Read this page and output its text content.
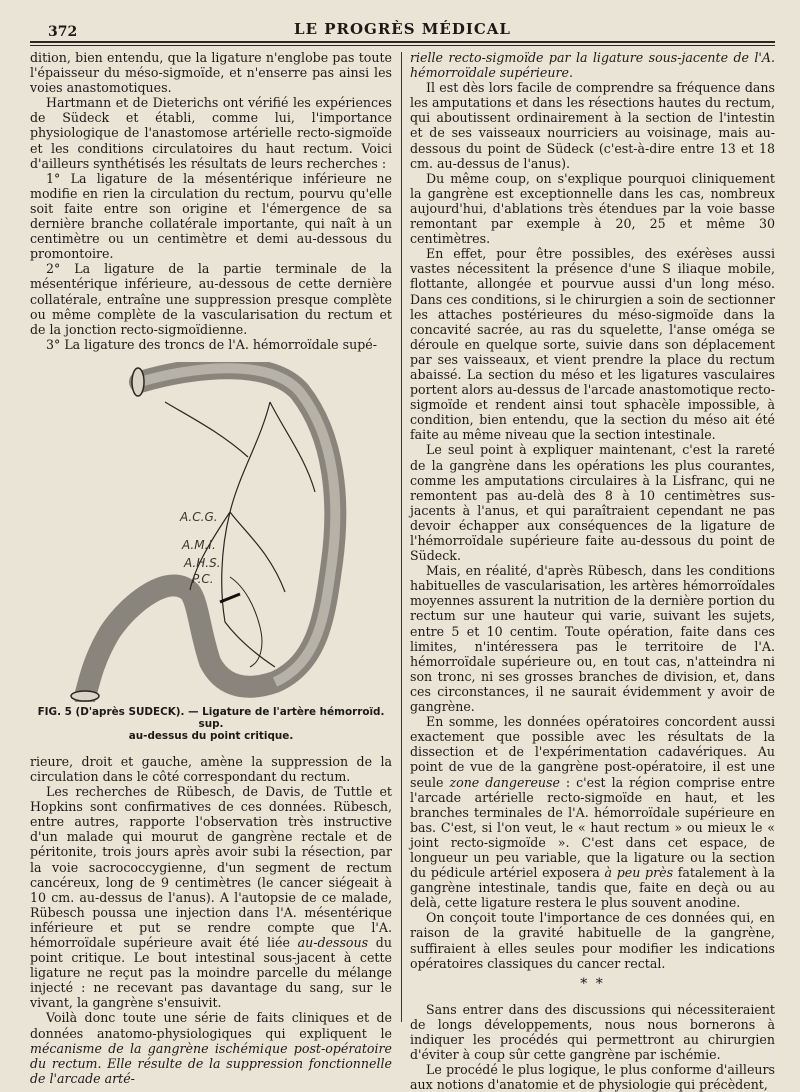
372	LE PROGRÈS MÉDICAL

dition, bien entendu, que la ligature n'englobe pas toute l'épaisseur du méso-sigmoïde, et n'enserre pas ainsi les voies anastomotiques.

Hartmann et de Dieterichs ont vérifié les expériences de Südeck et établi, comme lui, l'importance physiologique de l'anastomose artérielle recto-sigmoïde et les conditions circulatoires du haut rectum. Voici d'ailleurs synthétisés les résultats de leurs recherches :

1° La ligature de la mésentérique inférieure ne modifie en rien la circulation du rectum, pourvu qu'elle soit faite entre son origine et l'émergence de sa dernière branche collatérale importante, qui naît à un centimètre ou un centimètre et demi au-dessous du promontoire.

2° La ligature de la partie terminale de la mésentérique inférieure, au-dessous de cette dernière collatérale, entraîne une suppression presque complète ou même complète de la vascularisation du rectum et de la jonction recto-sigmoïdienne.

3° La ligature des troncs de l'A. hémorroïdale supé-

A.C.G.
A.M.I.
A.H.S.
P.C.
FIG. 5 (D'après SUDECK). — Ligature de l'artère hémorroïd. sup.
au-dessus du point critique.

rieure, droit et gauche, amène la suppression de la circulation dans le côté correspondant du rectum.

Les recherches de Rübesch, de Davis, de Tuttle et Hopkins sont confirmatives de ces données. Rübesch, entre autres, rapporte l'observation très instructive d'un malade qui mourut de gangrène rectale et de péritonite, trois jours après avoir subi la résection, par la voie sacrococcygienne, d'un segment de rectum cancéreux, long de 9 centimètres (le cancer siégeait à 10 cm. au-dessus de l'anus). A l'autopsie de ce malade, Rübesch poussa une injection dans l'A. mésentérique inférieure et put se rendre compte que l'A. hémorroïdale supérieure avait été liée au-dessous du point critique. Le bout intestinal sous-jacent à cette ligature ne reçut pas la moindre parcelle du mélange injecté : ne recevant pas davantage du sang, sur le vivant, la gangrène s'ensuivit.

Voilà donc toute une série de faits cliniques et de données anatomo-physiologiques qui expliquent le mécanisme de la gangrène ischémique post-opératoire du rectum. Elle résulte de la suppression fonctionnelle de l'arcade arté-

rielle recto-sigmoïde par la ligature sous-jacente de l'A. hémorroïdale supérieure.

Il est dès lors facile de comprendre sa fréquence dans les amputations et dans les résections hautes du rectum, qui aboutissent ordinairement à la section de l'intestin et de ses vaisseaux nourriciers au voisinage, mais au-dessous du point de Südeck (c'est-à-dire entre 13 et 18 cm. au-dessus de l'anus).

Du même coup, on s'explique pourquoi cliniquement la gangrène est exceptionnelle dans les cas, nombreux aujourd'hui, d'ablations très étendues par la voie basse remontant par exemple à 20, 25 et même 30 centimètres.

En effet, pour être possibles, des exérèses aussi vastes nécessitent la présence d'une S iliaque mobile, flottante, allongée et pourvue aussi d'un long méso. Dans ces conditions, si le chirurgien a soin de sectionner les attaches postérieures du méso-sigmoïde dans la concavité sacrée, au ras du squelette, l'anse oméga se déroule en quelque sorte, suivie dans son déplacement par ses vaisseaux, et vient prendre la place du rectum abaissé. La section du méso et les ligatures vasculaires portent alors au-dessus de l'arcade anastomotique recto-sigmoïde et rendent ainsi tout sphacèle impossible, à condition, bien entendu, que la section du méso ait été faite au même niveau que la section intestinale.

Le seul point à expliquer maintenant, c'est la rareté de la gangrène dans les opérations les plus courantes, comme les amputations circulaires à la Lisfranc, qui ne remontent pas au-delà des 8 à 10 centimètres sus-jacents à l'anus, et qui paraîtraient cependant ne pas devoir échapper aux conséquences de la ligature de l'hémorroïdale supérieure faite au-dessous du point de Südeck.

Mais, en réalité, d'après Rübesch, dans les conditions habituelles de vascularisation, les artères hémorroïdales moyennes assurent la nutrition de la dernière portion du rectum sur une hauteur qui varie, suivant les sujets, entre 5 et 10 centim. Toute opération, faite dans ces limites, n'intéressera pas le territoire de l'A. hémorroïdale supérieure ou, en tout cas, n'atteindra ni son tronc, ni ses grosses branches de division, et, dans ces circonstances, il ne saurait évidemment y avoir de gangrène.

En somme, les données opératoires concordent aussi exactement que possible avec les résultats de la dissection et de l'expérimentation cadavériques. Au point de vue de la gangrène post-opératoire, il est une seule zone dangereuse : c'est la région comprise entre l'arcade artérielle recto-sigmoïde en haut, et les branches terminales de l'A. hémorroïdale supérieure en bas. C'est, si l'on veut, le « haut rectum » ou mieux le « joint recto-sigmoïde ». C'est dans cet espace, de longueur un peu variable, que la ligature ou la section du pédicule artériel exposera à peu près fatalement à la gangrène intestinale, tandis que, faite en deçà ou au delà, cette ligature restera le plus souvent anodine.

On conçoit toute l'importance de ces données qui, en raison de la gravité habituelle de la gangrène, suffiraient à elles seules pour modifier les indications opératoires classiques du cancer rectal.

* *

Sans entrer dans des discussions qui nécessiteraient de longs développements, nous nous bornerons à indiquer les procédés qui permettront au chirurgien d'éviter à coup sûr cette gangrène par ischémie.

Le procédé le plus logique, le plus conforme d'ailleurs aux notions d'anatomie et de physiologie qui précèdent,
